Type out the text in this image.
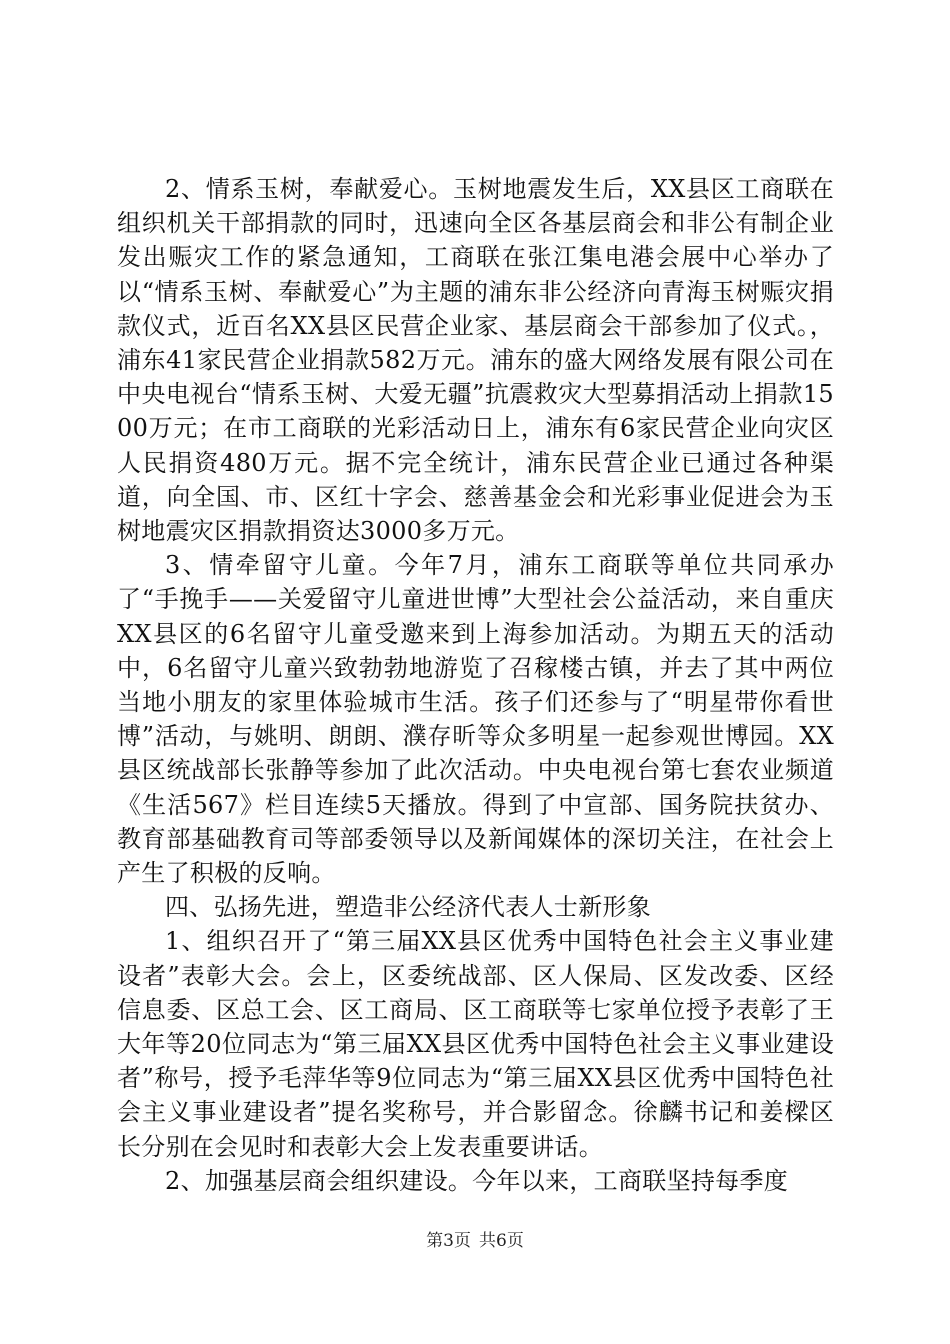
2、情系玉树，奉献爱心。玉树地震发生后，XX县区工商联在组织机关干部捐款的同时，迅速向全区各基层商会和非公有制企业发出赈灾工作的紧急通知，工商联在张江集电港会展中心举办了以“情系玉树、奉献爱心”为主题的浦东非公经济向青海玉树赈灾捐款仪式，近百名XX县区民营企业家、基层商会干部参加了仪式。，浦东41家民营企业捐款582万元。浦东的盛大网络发展有限公司在中央电视台“情系玉树、大爱无疆”抗震救灾大型募捐活动上捐款1500万元；在市工商联的光彩活动日上，浦东有6家民营企业向灾区人民捐资480万元。据不完全统计，浦东民营企业已通过各种渠道，向全国、市、区红十字会、慈善基金会和光彩事业促进会为玉树地震灾区捐款捐资达3000多万元。

3、情牵留守儿童。今年7月，浦东工商联等单位共同承办了“手挽手——关爱留守儿童进世博”大型社会公益活动，来自重庆XX县区的6名留守儿童受邀来到上海参加活动。为期五天的活动中，6名留守儿童兴致勃勃地游览了召稼楼古镇，并去了其中两位当地小朋友的家里体验城市生活。孩子们还参与了“明星带你看世博”活动，与姚明、朗朗、濮存昕等众多明星一起参观世博园。XX县区统战部长张静等参加了此次活动。中央电视台第七套农业频道《生活567》栏目连续5天播放。得到了中宣部、国务院扶贫办、教育部基础教育司等部委领导以及新闻媒体的深切关注，在社会上产生了积极的反响。

四、弘扬先进，塑造非公经济代表人士新形象

1、组织召开了“第三届XX县区优秀中国特色社会主义事业建设者”表彰大会。会上，区委统战部、区人保局、区发改委、区经信息委、区总工会、区工商局、区工商联等七家单位授予表彰了王大年等20位同志为“第三届XX县区优秀中国特色社会主义事业建设者”称号，授予毛萍华等9位同志为“第三届XX县区优秀中国特色社会主义事业建设者”提名奖称号，并合影留念。徐麟书记和姜樑区长分别在会见时和表彰大会上发表重要讲话。

2、加强基层商会组织建设。今年以来，工商联坚持每季度

第3页 共6页
